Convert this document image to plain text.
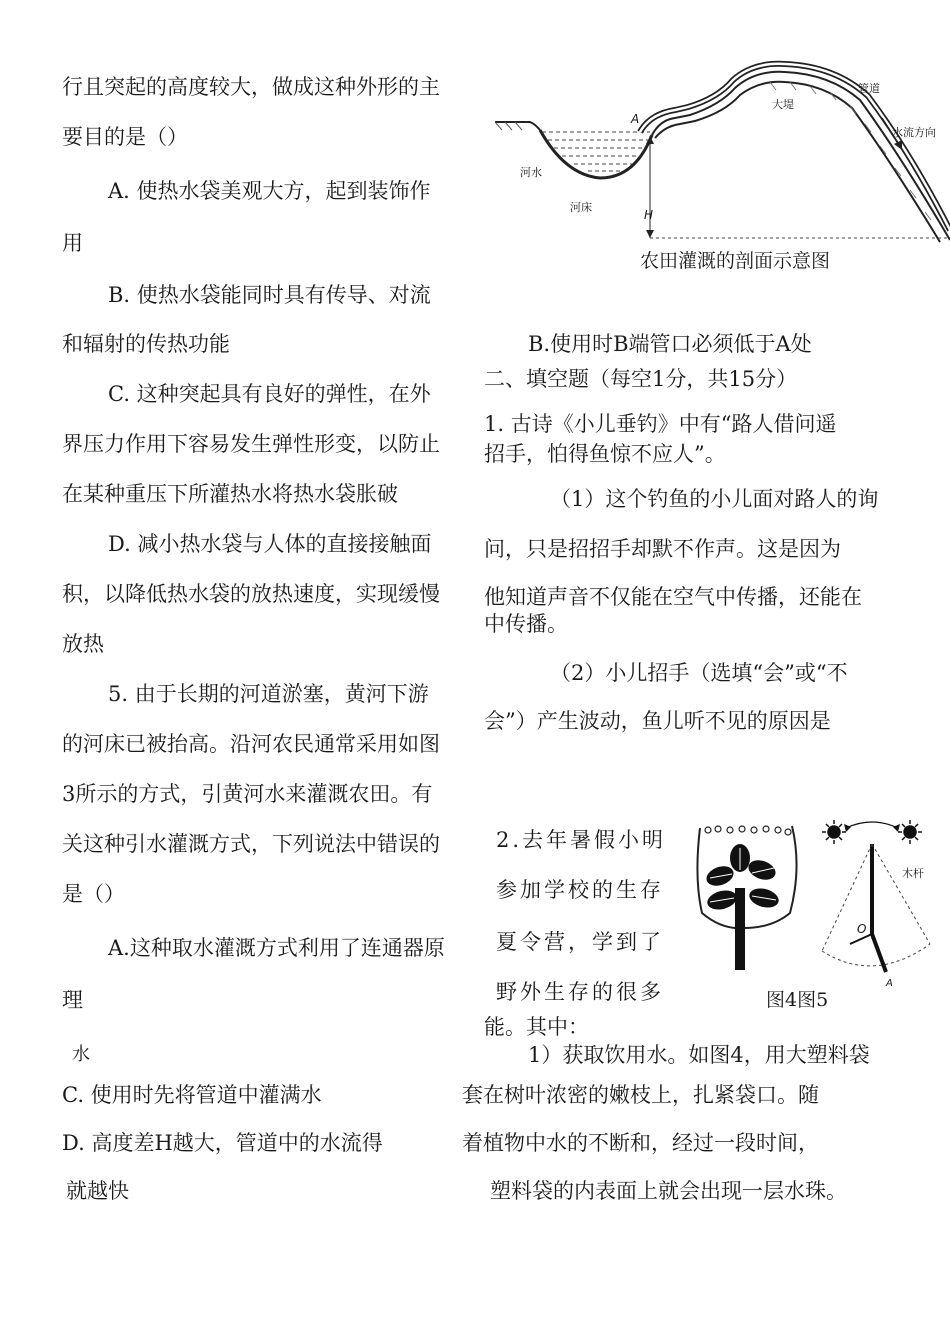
行且突起的高度较大，做成这种外形的主
要目的是（）
A. 使热水袋美观大方，起到装饰作
用
B. 使热水袋能同时具有传导、对流
和辐射的传热功能
C. 这种突起具有良好的弹性，在外
界压力作用下容易发生弹性形变，以防止
在某种重压下所灌热水将热水袋胀破
D. 减小热水袋与人体的直接接触面
积，以降低热水袋的放热速度，实现缓慢
放热
5. 由于长期的河道淤塞，黄河下游
的河床已被抬高。沿河农民通常采用如图
3所示的方式，引黄河水来灌溉农田。有
关这种引水灌溉方式，下列说法中错误的
是（）
A.这种取水灌溉方式利用了连通器原
理
水
C. 使用时先将管道中灌满水
D. 高度差H越大，管道中的水流得
就越快
管道
大堤
水流方向
河水
河床
A
H
农田灌溉的剖面示意图
B.使用时B端管口必须低于A处
二、填空题（每空1分，共15分）
1. 古诗《小儿垂钓》中有“路人借问遥
招手，怕得鱼惊不应人”。
（1）这个钓鱼的小儿面对路人的询
问，只是招招手却默不作声。这是因为
他知道声音不仅能在空气中传播，还能在
中传播。
（2）小儿招手（选填“会”或“不
会”）产生波动，鱼儿听不见的原因是
2.去年暑假小明
参加学校的生存
夏令营，学到了
野外生存的很多
能。其中：
1）获取饮用水。如图4，用大塑料袋
套在树叶浓密的嫩枝上，扎紧袋口。随
着植物中水的不断和，经过一段时间，
塑料袋的内表面上就会出现一层水珠。
木杆
O
A
图4图5
